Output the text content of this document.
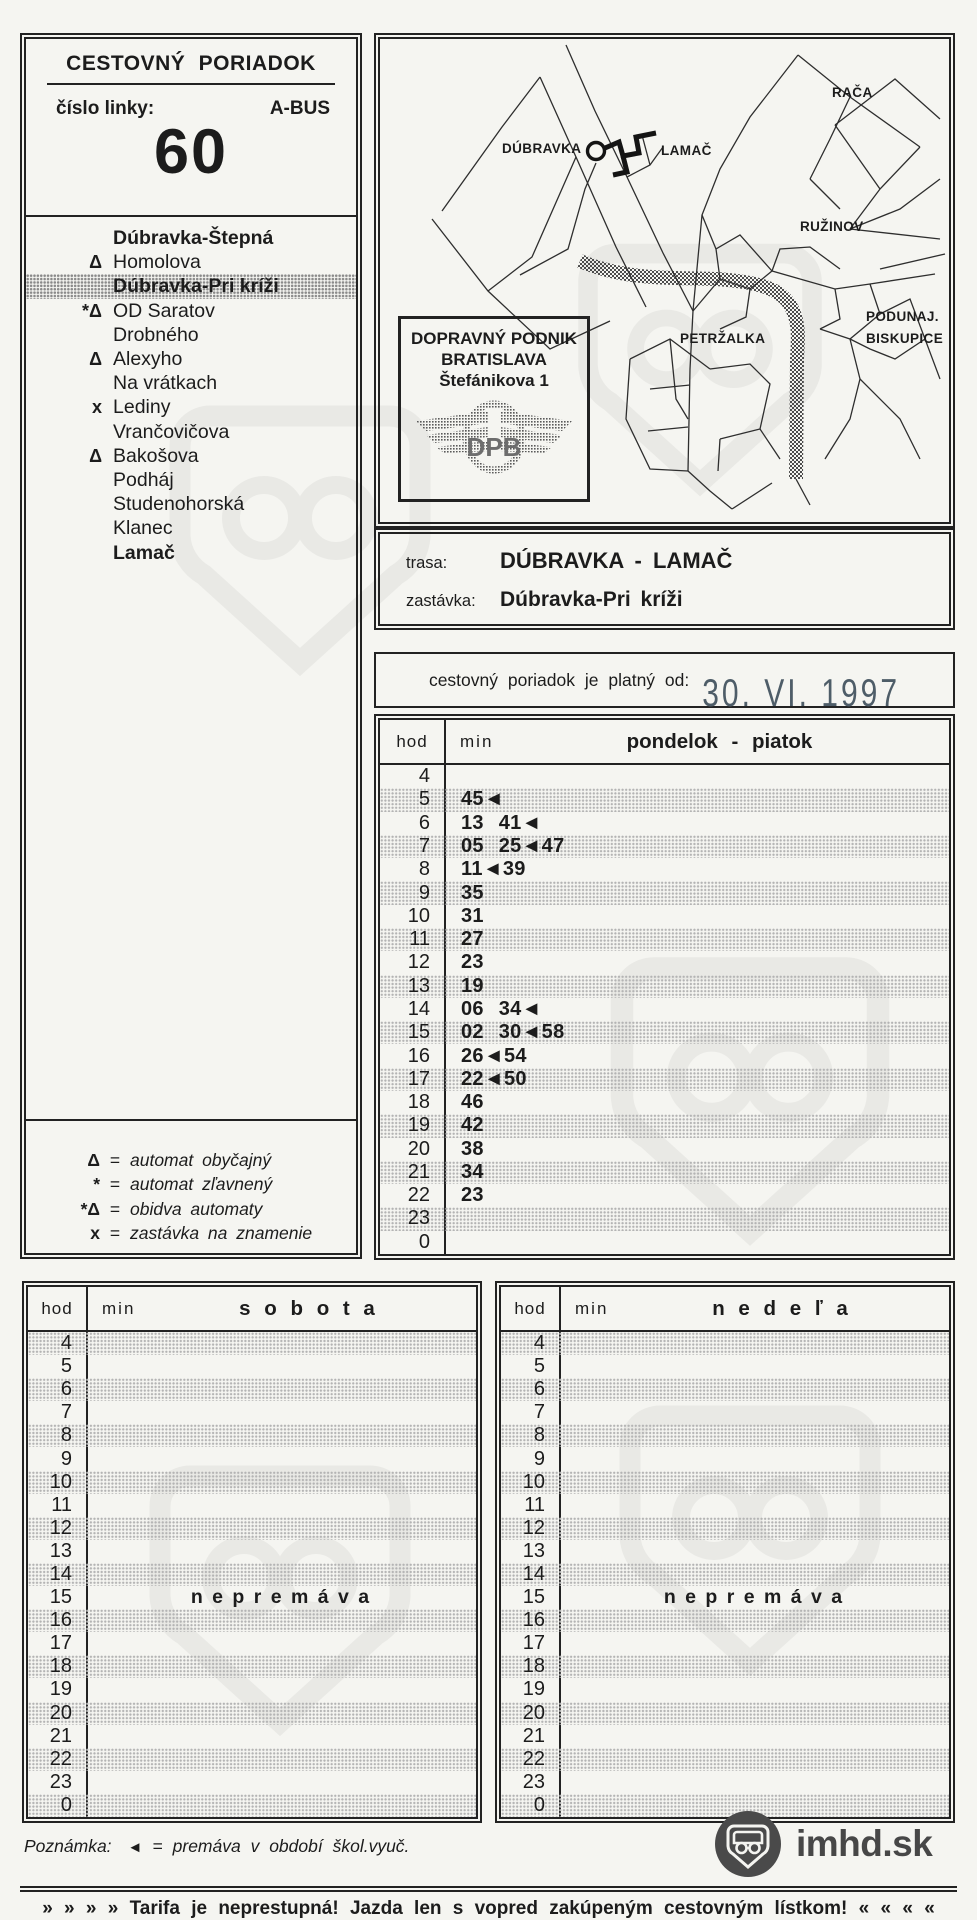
CESTOVNÝ PORIADOK
číslo linky:	A-BUS
60
Dúbravka-Štepná
Δ Homolova
Dúbravka-Pri kríži
*Δ OD Saratov
Drobného
Δ Alexyho
Na vrátkach
x Lediny
Vrančovičova
Δ Bakošova
Podháj
Studenohorská
Klanec
Lamač
Δ = automat obyčajný
* = automat zľavnený
*Δ = obidva automaty
x = zastávka na znamenie
RAČA
DÚBRAVKA	LAMAČ
RUŽINOV
PETRŽALKA
PODUNAJ.
BISKUPICE
DOPRAVNÝ PODNIK
BRATISLAVA
Štefánikova 1
DPB
trasa:	DÚBRAVKA - LAMAČ
zastávka:	Dúbravka-Pri kríži
cestovný poriadok je platný od: 30. VI. 1997
hod	min	pondelok - piatok
4
5	45◄
6	13 41◄
7	05 25◄47
8	11◄39
9	35
10	31
11	27
12	23
13	19
14	06 34◄
15	02 30◄58
16	26◄54
17	22◄50
18	46
19	42
20	38
21	34
22	23
23
0
hod	min	s o b o t a
n e p r e m á v a
4
5
6
7
8
9
10
11
12
13
14
15
16
17
18
19
20
21
22
23
0
hod	min	n e d e ľ a
n e p r e m á v a
4
5
6
7
8
9
10
11
12
13
14
15
16
17
18
19
20
21
22
23
0
Poznámka: ◄ = premáva v období škol.vyuč.	imhd.sk
» » » » Tarifa je neprestupná! Jazda len s vopred zakúpeným cestovným lístkom! « « « «
